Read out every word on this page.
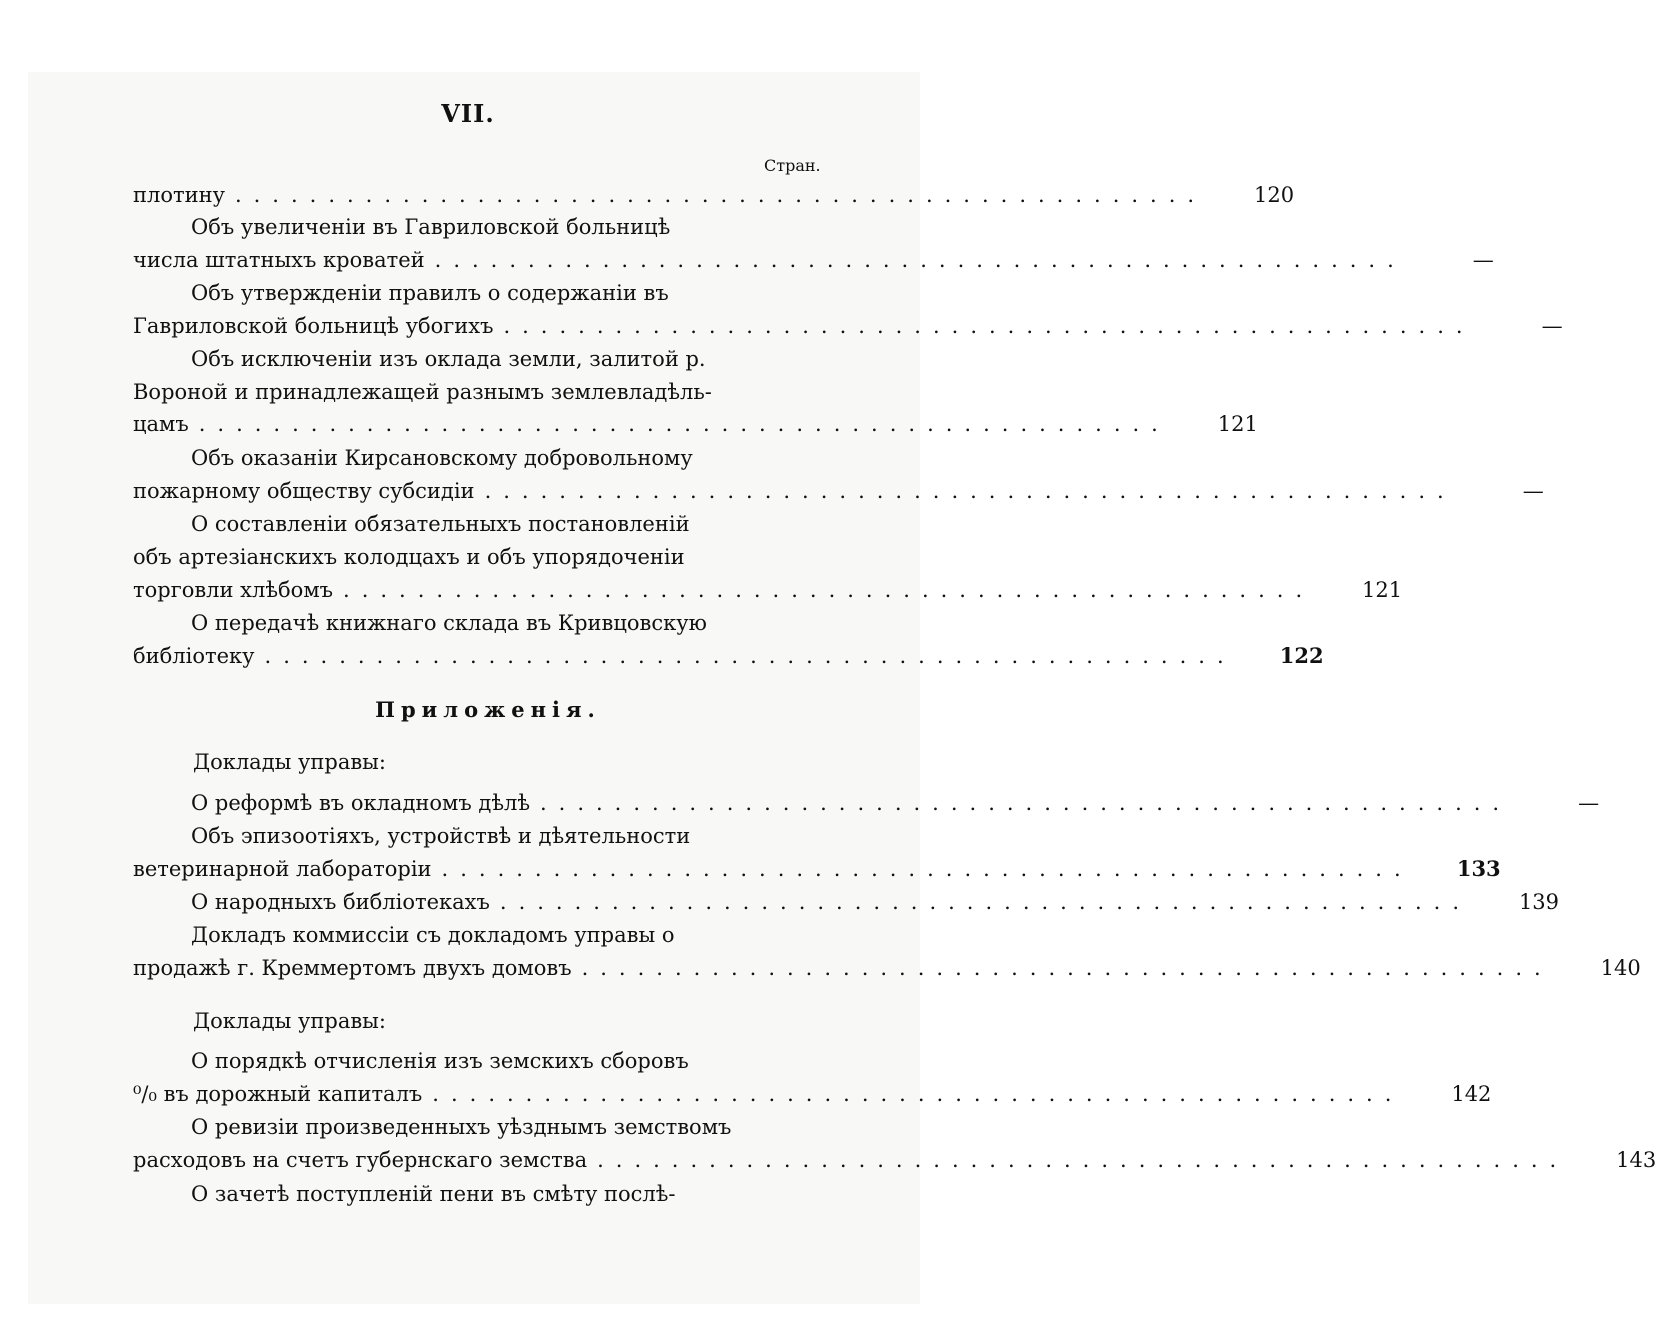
VII.
Стран.
плотину ....................................................	120
Объ увеличеніи въ Гавриловской больницѣ
числа штатныхъ кроватей ....................................................	—
Объ утвержденіи правилъ о содержаніи въ
Гавриловской больницѣ убогихъ ....................................................	—
Объ исключеніи изъ оклада земли, залитой р.
Вороной и принадлежащей разнымъ землевладѣль-
цамъ ....................................................	121
Объ оказаніи Кирсановскому добровольному
пожарному обществу субсидіи ....................................................	—
О составленіи обязательныхъ постановленій
объ артезіанскихъ колодцахъ и объ упорядоченіи
торговли хлѣбомъ ....................................................	121
О передачѣ книжнаго склада въ Кривцовскую
библіотеку ....................................................	122
Приложенія.
Доклады управы:
О реформѣ въ окладномъ дѣлѣ ....................................................	—
Объ эпизоотіяхъ, устройствѣ и дѣятельности
ветеринарной лабораторіи ....................................................	133
О народныхъ библіотекахъ ....................................................	139
Докладъ коммиссіи съ докладомъ управы о
продажѣ г. Креммертомъ двухъ домовъ ....................................................	140
Доклады управы:
О порядкѣ отчисленія изъ земскихъ сборовъ
⁰/₀ въ дорожный капиталъ ....................................................	142
О ревизіи произведенныхъ уѣзднымъ земствомъ
расходовъ на счетъ губернскаго земства ....................................................	143
О зачетѣ поступленій пени въ смѣту послѣ-
